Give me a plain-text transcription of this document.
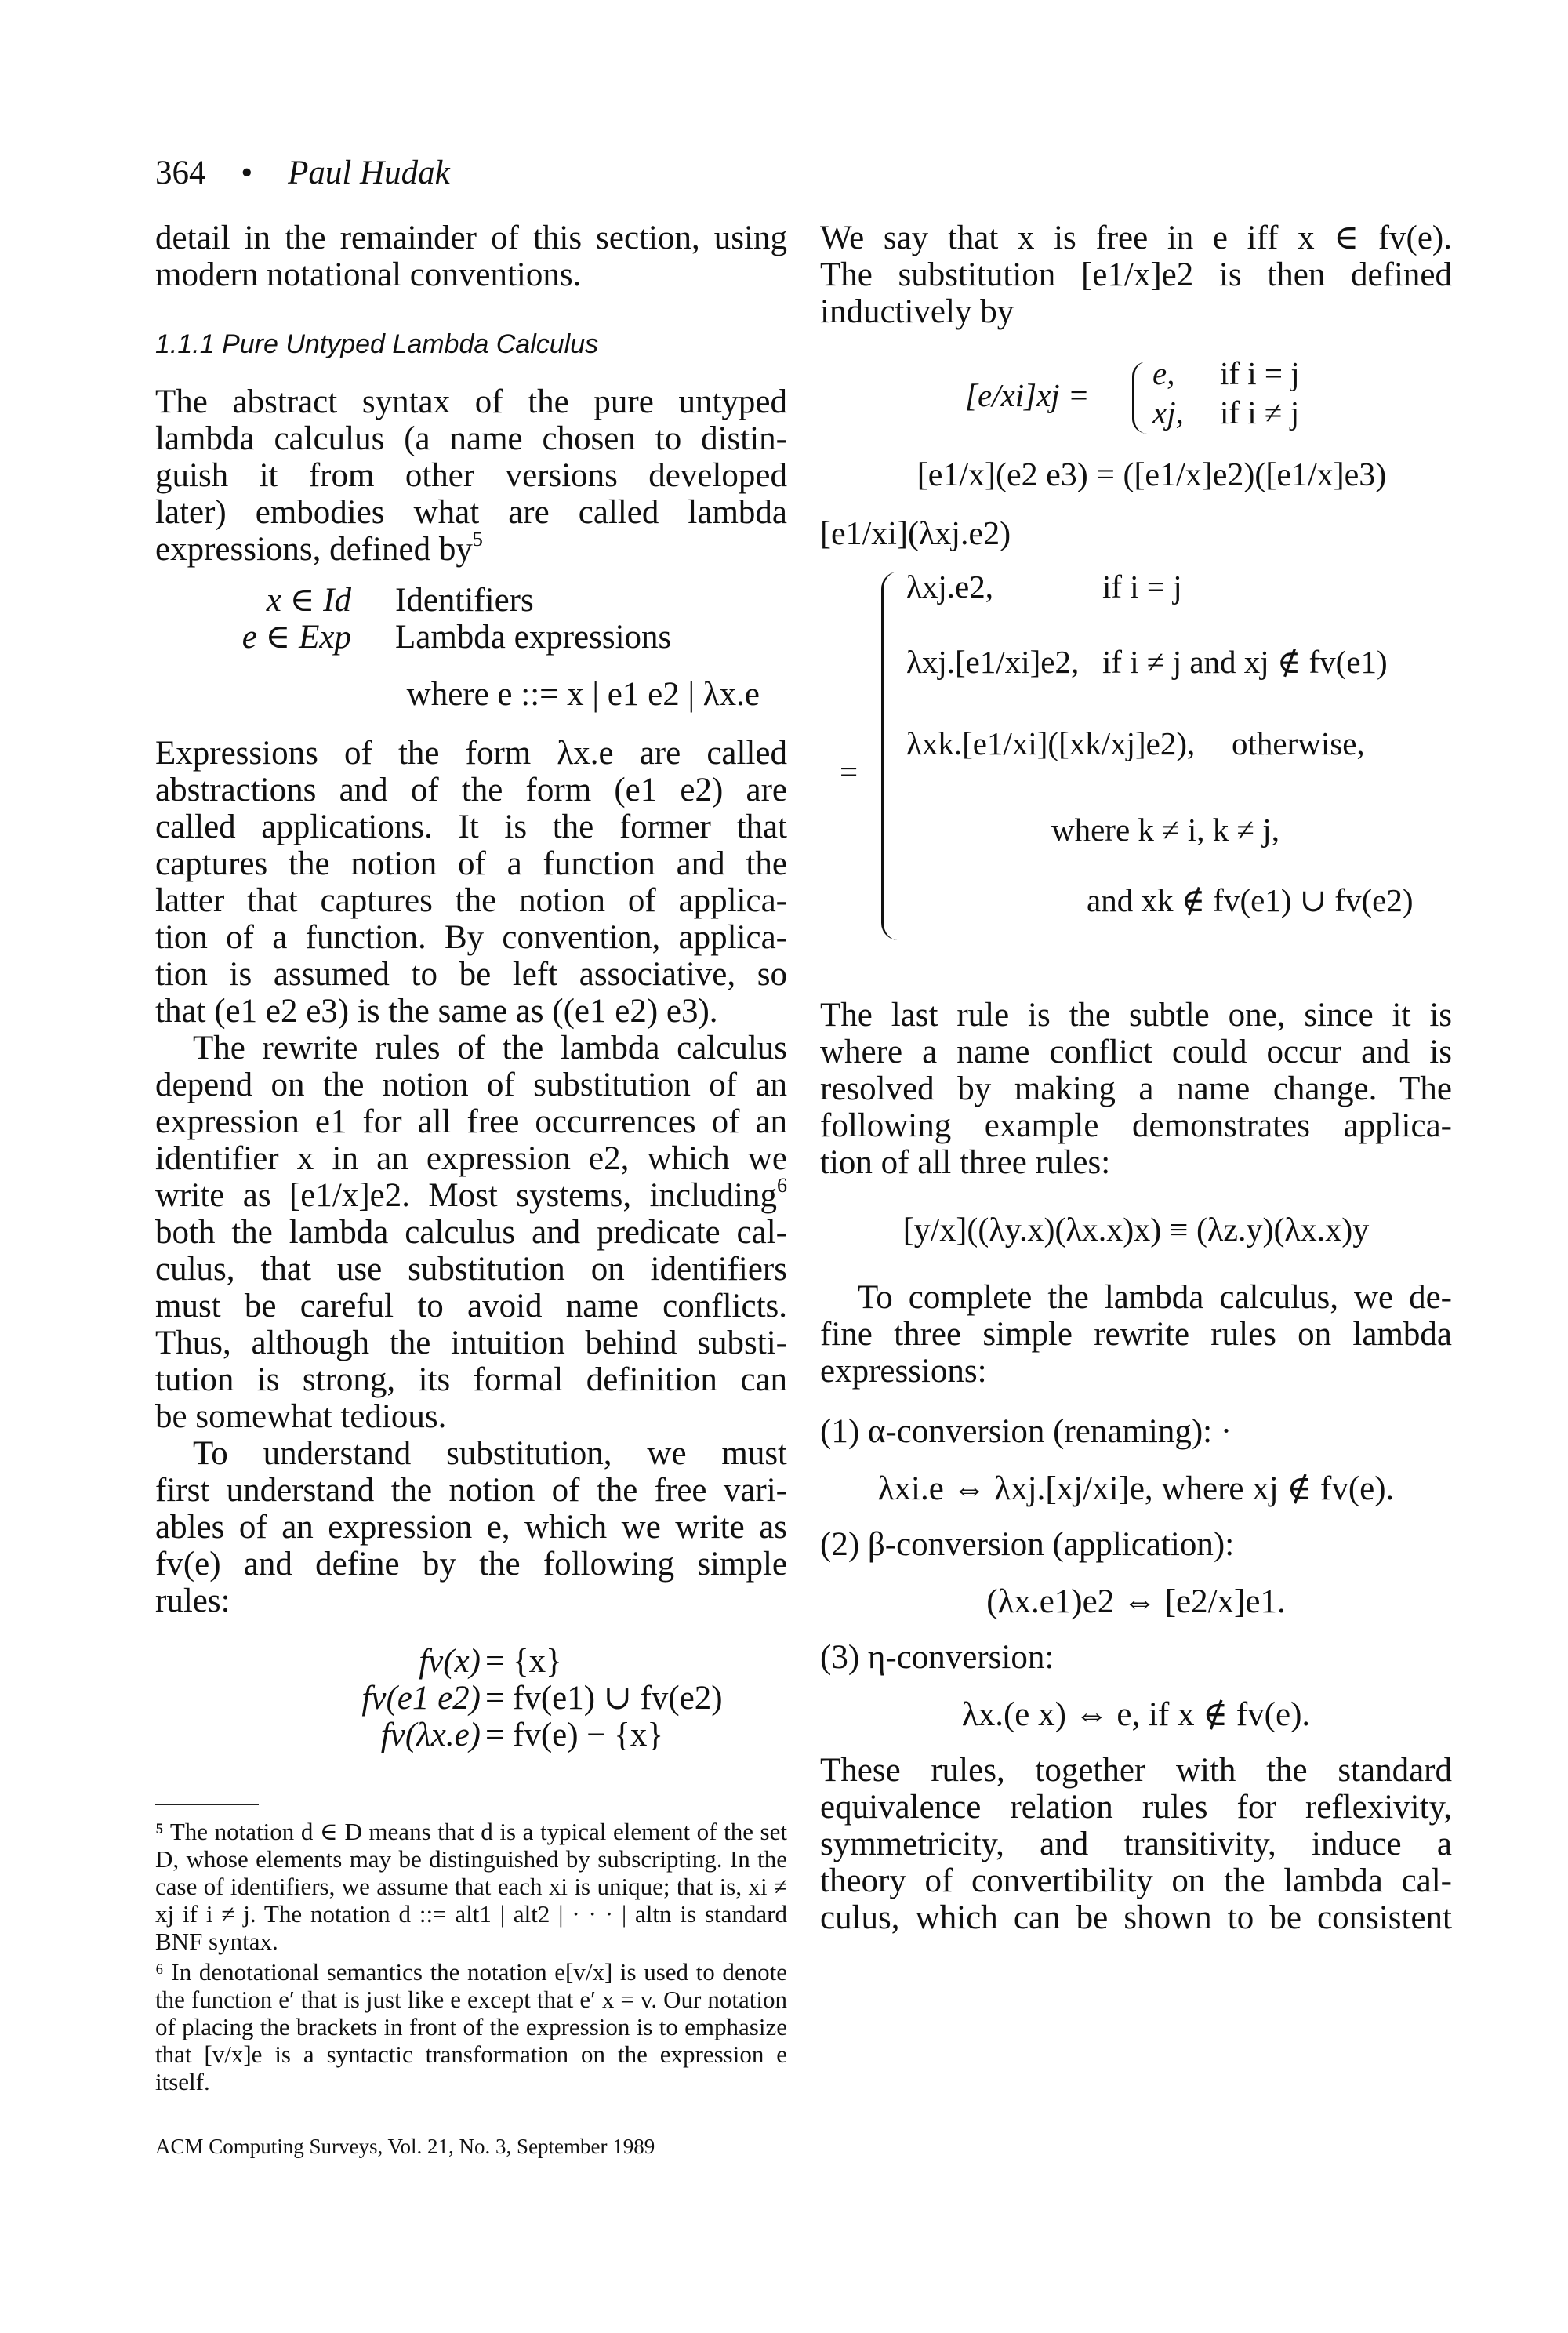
364 • Paul Hudak

detail in the remainder of this section, using
modern notational conventions.

1.1.1 Pure Untyped Lambda Calculus

The abstract syntax of the pure untyped
lambda calculus (a name chosen to distin-
guish it from other versions developed
later) embodies what are called lambda
expressions, defined $by^5$

x ∈ Id	Identifiers
e ∈ Exp	Lambda expressions
where e ::= x | e1 e2 | λx.e

Expressions of the form λx.e are called
abstractions and of the form (e1 e2) are
called applications. It is the former that
captures the notion of a function and the
latter that captures the notion of applica-
tion of a function. By convention, applica-
tion is assumed to be left associative, so
that (e1 e2 e3) is the same as ((e1 e2) e3).

The rewrite rules of the lambda calculus
depend on the notion of substitution of an
expression e1 for all free occurrences of an
identifier x in an expression e2, which we
write as [e1/x]e2. Most systems, including$^6$
both the lambda calculus and predicate cal-
culus, that use substitution on identifiers
must be careful to avoid name conflicts.
Thus, although the intuition behind substi-
tution is strong, its formal definition can
be somewhat tedious.

To understand substitution, we must
first understand the notion of the free vari-
ables of an expression e, which we write as
fv(e) and define by the following simple
rules:

fv(x) = {x}
fv(e1 e2) = fv(e1) ∪ fv(e2)
fv(λx.e) = fv(e) − {x}

⁵ The notation d ∈ D means that d is a typical element of the set D, whose elements may be distinguished by subscripting. In the case of identifiers, we assume that each xi is unique; that is, xi ≠ xj if i ≠ j. The notation d ::= alt1 | alt2 | · · · | altn is standard BNF syntax.

⁶ In denotational semantics the notation e[v/x] is used to denote the function e′ that is just like e except that e′ x = v. Our notation of placing the brackets in front of the expression is to emphasize that [v/x]e is a syntactic transformation on the expression e itself.

We say that x is free in e iff x ∈ fv(e).
The substitution [e1/x]e2 is then defined
inductively by

[e/xi]xj =
e, if i = j
xj, if i ≠ j
[e1/x](e2 e3) = ([e1/x]e2)([e1/x]e3)
[e1/xi](λxj.e2)
=
λxj.e2,	if i = j
λxj.[e1/xi]e2, if i ≠ j and xj ∉ fv(e1)
λxk.[e1/xi]([xk/xj]e2), otherwise,
where k ≠ i, k ≠ j,
and xk ∉ fv(e1) ∪ fv(e2)

The last rule is the subtle one, since it is
where a name conflict could occur and is
resolved by making a name change. The
following example demonstrates applica-
tion of all three rules:

[y/x]((λy.x)(λx.x)x) ≡ (λz.y)(λx.x)y

To complete the lambda calculus, we de-
fine three simple rewrite rules on lambda
expressions:

(1) α-conversion (renaming): ·
λxi.e ⇔ λxj.[xj/xi]e, where xj ∉ fv(e).
(2) β-conversion (application):
(λx.e1)e2 ⇔ [e2/x]e1.
(3) η-conversion:
λx.(e x) ⇔ e, if x ∉ fv(e).

These rules, together with the standard
equivalence relation rules for reflexivity,
symmetricity, and transitivity, induce a
theory of convertibility on the lambda cal-
culus, which can be shown to be consistent

ACM Computing Surveys, Vol. 21, No. 3, September 1989
